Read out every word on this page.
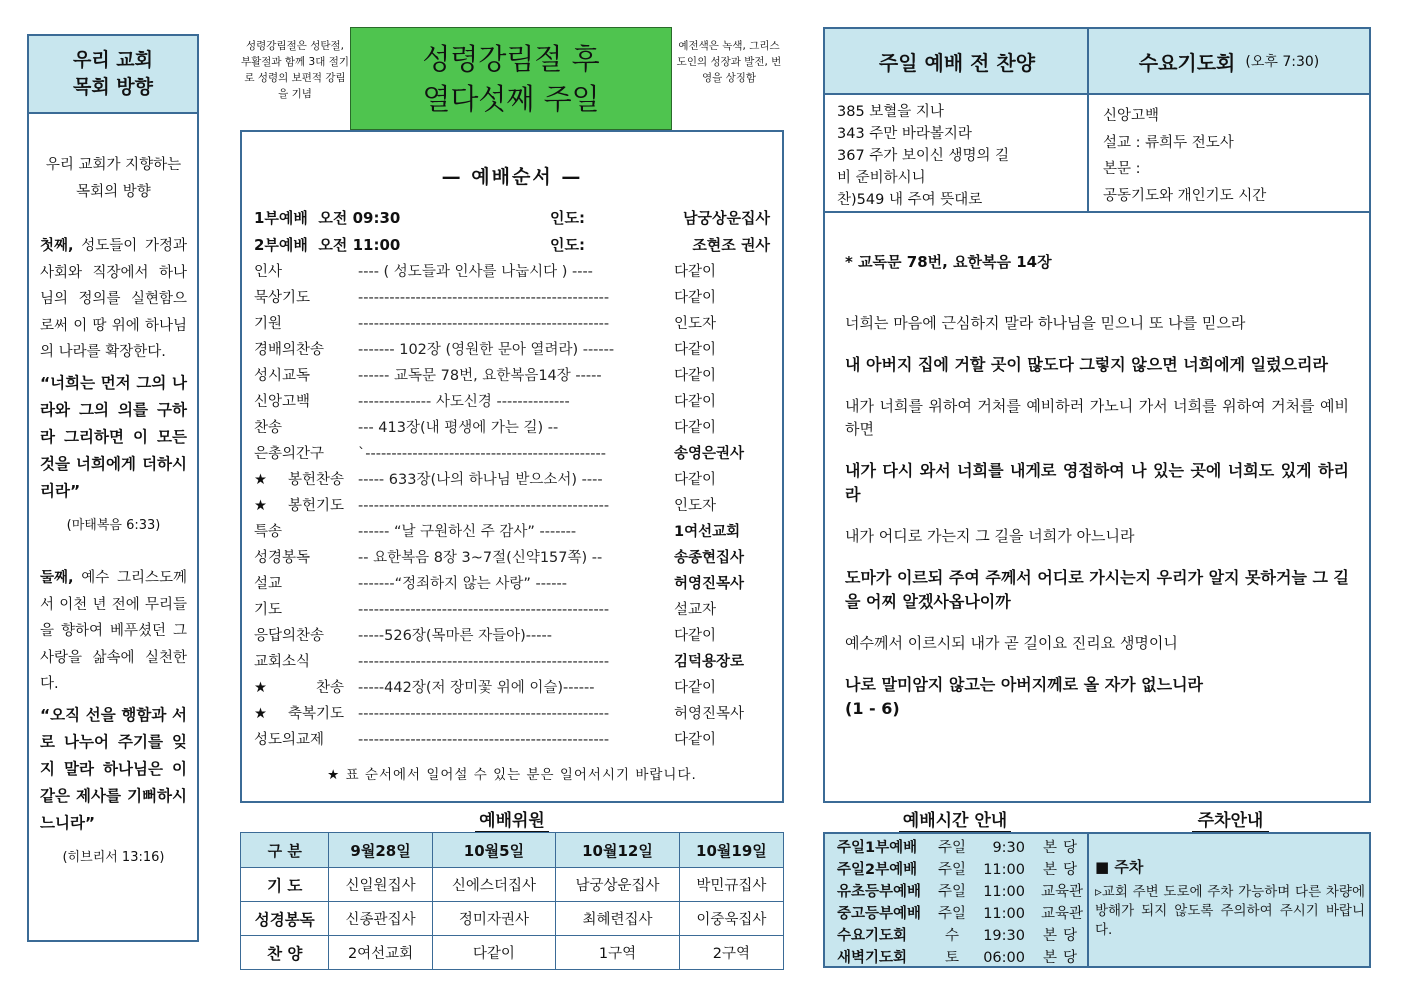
우리 교회
목회 방향

우리 교회가 지향하는 목회의 방향

첫째, 성도들이 가정과 사회와 직장에서 하나님의 정의를 실현함으로써 이 땅 위에 하나님의 나라를 확장한다.

“너희는 먼저 그의 나라와 그의 의를 구하라 그리하면 이 모든 것을 너희에게 더하시리라”

(마태복음 6:33)

둘째, 예수 그리스도께서 이천 년 전에 무리들을 향하여 베푸셨던 그 사랑을 삶속에 실천한다.

“오직 선을 행함과 서로 나누어 주기를 잊지 말라 하나님은 이 같은 제사를 기뻐하시느니라”

(히브리서 13:16)

성령강림절은 성탄절, 부활절과 함께 3대 절기로 성령의 보편적 강림을 기념
성령강림절 후
열다섯째 주일
예전색은 녹색, 그리스도인의 성장과 발전, 번영을 상징함
— 예배순서 —
1부예배 오전 09:30	인도:	남궁상운집사
2부예배 오전 11:00	인도:	조현조 권사
인사	---- ( 성도들과 인사를 나눕시다 ) ----	다같이
묵상기도	------------------------------------------------	다같이
기원	------------------------------------------------	인도자
경배의찬송	------- 102장 (영원한 문아 열려라) ------	다같이
성시교독	------ 교독문 78번, 요한복음14장 -----	다같이
신앙고백	-------------- 사도신경 --------------	다같이
찬송	--- 413장(내 평생에 가는 길) --	다같이
은총의간구	`----------------------------------------------	송영은권사
★봉헌찬송 ----- 633장(나의 하나님 받으소서) ----	다같이
★봉헌기도 ------------------------------------------------	인도자
특송	------ “날 구원하신 주 감사” -------	1여선교회
성경봉독	-- 요한복음 8장 3~7절(신약157쪽) --	송종현집사
설교	-------“정죄하지 않는 사랑” ------	허영진목사
기도	------------------------------------------------	설교자
응답의찬송	-----526장(목마른 자들아)-----	다같이
교회소식	------------------------------------------------	김덕용장로
★찬송 -----442장(저 장미꽃 위에 이슬)------	다같이
★축복기도 ------------------------------------------------	허영진목사
성도의교제	------------------------------------------------	다같이
★ 표 순서에서 일어설 수 있는 분은 일어서시기 바랍니다.
예배위원
구 분	9월28일	10월5일	10월12일	10월19일
기 도	신일원집사	신에스더집사	남궁상운집사	박민규집사
성경봉독	신종관집사	정미자권사	최혜련집사	이중욱집사
찬 양	2여선교회	다같이	1구역	2구역
주일 예배 전 찬양	수요기도회 (오후 7:30)
385 보혈을 지나
343 주만 바라볼지라
367 주가 보이신 생명의 길
비 준비하시니
찬)549 내 주여 뜻대로
신앙고백
설교 : 류희두 전도사
본문 :
공동기도와 개인기도 시간

* 교독문 78번, 요한복음 14장

너희는 마음에 근심하지 말라 하나님을 믿으니 또 나를 믿으라

내 아버지 집에 거할 곳이 많도다 그렇지 않으면 너희에게 일렀으리라

내가 너희를 위하여 거처를 예비하러 가노니 가서 너희를 위하여 거처를 예비하면

내가 다시 와서 너희를 내게로 영접하여 나 있는 곳에 너희도 있게 하리라

내가 어디로 가는지 그 길을 너희가 아느니라

도마가 이르되 주여 주께서 어디로 가시는지 우리가 알지 못하거늘 그 길을 어찌 알겠사옵나이까

예수께서 이르시되 내가 곧 길이요 진리요 생명이니

나로 말미암지 않고는 아버지께로 올 자가 없느니라

(1 - 6)

예배시간 안내	주차안내
주일1부예배	주일	9:30	본당
주일2부예배	주일	11:00	본당
유초등부예배	주일	11:00	교육관
중고등부예배	주일	11:00	교육관
수요기도회	수	19:30	본당
새벽기도회	토	06:00	본당
■ 주차
▹교회 주변 도로에 주차 가능하며 다른 차량에 방해가 되지 않도록 주의하여 주시기 바랍니다.
